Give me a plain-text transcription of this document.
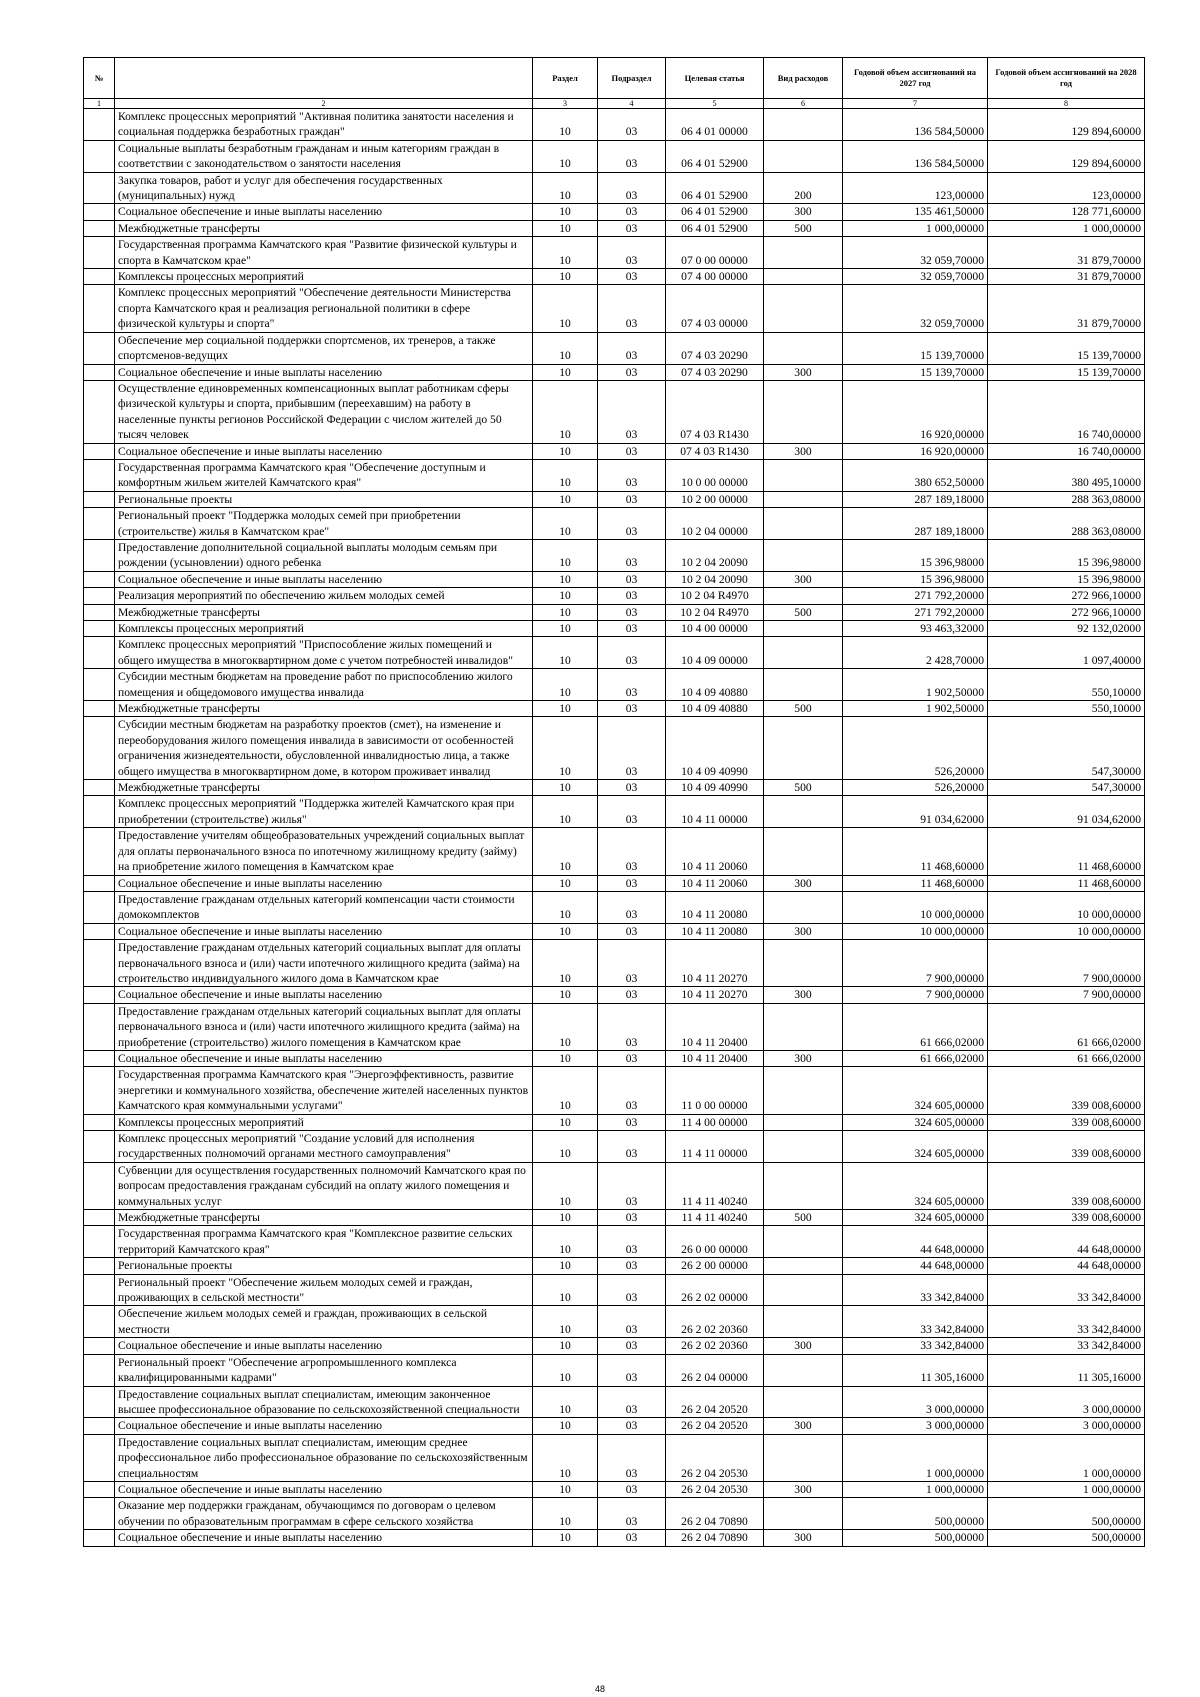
№		Раздел	Подраздел	Целевая статья	Вид расходов	Годовой объем ассигнований на 2027 год	Годовой объем ассигнований на 2028 год
1	2	3	4	5	6	7	8
	Комплекс процессных мероприятий "Активная политика занятости населения и социальная поддержка безработных граждан"	10	03	06 4 01 00000		136 584,50000	129 894,60000
	Социальные выплаты безработным гражданам и иным категориям граждан в соответствии с законодательством о занятости населения	10	03	06 4 01 52900		136 584,50000	129 894,60000
	Закупка товаров, работ и услуг для обеспечения государственных (муниципальных) нужд	10	03	06 4 01 52900	200	123,00000	123,00000
	Социальное обеспечение и иные выплаты населению	10	03	06 4 01 52900	300	135 461,50000	128 771,60000
	Межбюджетные трансферты	10	03	06 4 01 52900	500	1 000,00000	1 000,00000
	Государственная программа Камчатского края "Развитие физической культуры и спорта в Камчатском крае"	10	03	07 0 00 00000		32 059,70000	31 879,70000
	Комплексы процессных мероприятий	10	03	07 4 00 00000		32 059,70000	31 879,70000
	Комплекс процессных мероприятий "Обеспечение деятельности Министерства спорта Камчатского края и реализация региональной политики в сфере физической культуры и спорта"	10	03	07 4 03 00000		32 059,70000	31 879,70000
	Обеспечение мер социальной поддержки спортсменов, их тренеров, а также спортсменов-ведущих	10	03	07 4 03 20290		15 139,70000	15 139,70000
	Социальное обеспечение и иные выплаты населению	10	03	07 4 03 20290	300	15 139,70000	15 139,70000
	Осуществление единовременных компенсационных выплат работникам сферы физической культуры и спорта, прибывшим (переехавшим) на работу в населенные пункты регионов Российской Федерации с числом жителей до 50 тысяч человек	10	03	07 4 03 R1430		16 920,00000	16 740,00000
	Социальное обеспечение и иные выплаты населению	10	03	07 4 03 R1430	300	16 920,00000	16 740,00000
	Государственная программа Камчатского края "Обеспечение доступным и комфортным жильем жителей Камчатского края"	10	03	10 0 00 00000		380 652,50000	380 495,10000
	Региональные проекты	10	03	10 2 00 00000		287 189,18000	288 363,08000
	Региональный проект "Поддержка молодых семей при приобретении (строительстве) жилья в Камчатском крае"	10	03	10 2 04 00000		287 189,18000	288 363,08000
	Предоставление дополнительной социальной выплаты молодым семьям при рождении (усыновлении) одного ребенка	10	03	10 2 04 20090		15 396,98000	15 396,98000
	Социальное обеспечение и иные выплаты населению	10	03	10 2 04 20090	300	15 396,98000	15 396,98000
	Реализация мероприятий по обеспечению жильем молодых семей	10	03	10 2 04 R4970		271 792,20000	272 966,10000
	Межбюджетные трансферты	10	03	10 2 04 R4970	500	271 792,20000	272 966,10000
	Комплексы процессных мероприятий	10	03	10 4 00 00000		93 463,32000	92 132,02000
	Комплекс процессных мероприятий "Приспособление жилых помещений и общего имущества в многоквартирном доме с учетом потребностей инвалидов"	10	03	10 4 09 00000		2 428,70000	1 097,40000
	Субсидии местным бюджетам на проведение работ по приспособлению жилого помещения и общедомового имущества инвалида	10	03	10 4 09 40880		1 902,50000	550,10000
	Межбюджетные трансферты	10	03	10 4 09 40880	500	1 902,50000	550,10000
	Субсидии местным бюджетам на разработку проектов (смет), на изменение и переоборудования жилого помещения инвалида в зависимости от особенностей ограничения жизнедеятельности, обусловленной инвалидностью лица, а также общего имущества в многоквартирном доме, в котором проживает инвалид	10	03	10 4 09 40990		526,20000	547,30000
	Межбюджетные трансферты	10	03	10 4 09 40990	500	526,20000	547,30000
	Комплекс процессных мероприятий "Поддержка жителей Камчатского края при приобретении (строительстве) жилья"	10	03	10 4 11 00000		91 034,62000	91 034,62000
	Предоставление учителям общеобразовательных учреждений социальных выплат для оплаты первоначального взноса по ипотечному жилищному кредиту (займу) на приобретение жилого помещения в Камчатском крае	10	03	10 4 11 20060		11 468,60000	11 468,60000
	Социальное обеспечение и иные выплаты населению	10	03	10 4 11 20060	300	11 468,60000	11 468,60000
	Предоставление гражданам отдельных категорий компенсации части стоимости домокомплектов	10	03	10 4 11 20080		10 000,00000	10 000,00000
	Социальное обеспечение и иные выплаты населению	10	03	10 4 11 20080	300	10 000,00000	10 000,00000
	Предоставление гражданам отдельных категорий социальных выплат для оплаты первоначального взноса и (или) части ипотечного жилищного кредита (займа) на строительство индивидуального жилого дома в Камчатском крае	10	03	10 4 11 20270		7 900,00000	7 900,00000
	Социальное обеспечение и иные выплаты населению	10	03	10 4 11 20270	300	7 900,00000	7 900,00000
	Предоставление гражданам отдельных категорий социальных выплат для оплаты первоначального взноса и (или) части ипотечного жилищного кредита (займа) на приобретение (строительство) жилого помещения в Камчатском крае	10	03	10 4 11 20400		61 666,02000	61 666,02000
	Социальное обеспечение и иные выплаты населению	10	03	10 4 11 20400	300	61 666,02000	61 666,02000
	Государственная программа Камчатского края "Энергоэффективность, развитие энергетики и коммунального хозяйства, обеспечение жителей населенных пунктов Камчатского края коммунальными услугами"	10	03	11 0 00 00000		324 605,00000	339 008,60000
	Комплексы процессных мероприятий	10	03	11 4 00 00000		324 605,00000	339 008,60000
	Комплекс процессных мероприятий "Создание условий для исполнения государственных полномочий органами местного самоуправления"	10	03	11 4 11 00000		324 605,00000	339 008,60000
	Субвенции для осуществления государственных полномочий Камчатского края по вопросам предоставления гражданам субсидий на оплату жилого помещения и коммунальных услуг	10	03	11 4 11 40240		324 605,00000	339 008,60000
	Межбюджетные трансферты	10	03	11 4 11 40240	500	324 605,00000	339 008,60000
	Государственная программа Камчатского края "Комплексное развитие сельских территорий Камчатского края"	10	03	26 0 00 00000		44 648,00000	44 648,00000
	Региональные проекты	10	03	26 2 00 00000		44 648,00000	44 648,00000
	Региональный проект "Обеспечение жильем молодых семей и граждан, проживающих в сельской местности"	10	03	26 2 02 00000		33 342,84000	33 342,84000
	Обеспечение жильем молодых семей и граждан, проживающих в сельской местности	10	03	26 2 02 20360		33 342,84000	33 342,84000
	Социальное обеспечение и иные выплаты населению	10	03	26 2 02 20360	300	33 342,84000	33 342,84000
	Региональный проект "Обеспечение агропромышленного комплекса квалифицированными кадрами"	10	03	26 2 04 00000		11 305,16000	11 305,16000
	Предоставление социальных выплат специалистам, имеющим законченное высшее профессиональное образование по сельскохозяйственной специальности	10	03	26 2 04 20520		3 000,00000	3 000,00000
	Социальное обеспечение и иные выплаты населению	10	03	26 2 04 20520	300	3 000,00000	3 000,00000
	Предоставление социальных выплат специалистам, имеющим среднее профессиональное либо профессиональное образование по сельскохозяйственным специальностям	10	03	26 2 04 20530		1 000,00000	1 000,00000
	Социальное обеспечение и иные выплаты населению	10	03	26 2 04 20530	300	1 000,00000	1 000,00000
	Оказание мер поддержки гражданам, обучающимся по договорам о целевом обучении по образовательным программам в сфере сельского хозяйства	10	03	26 2 04 70890		500,00000	500,00000
	Социальное обеспечение и иные выплаты населению	10	03	26 2 04 70890	300	500,00000	500,00000
48
